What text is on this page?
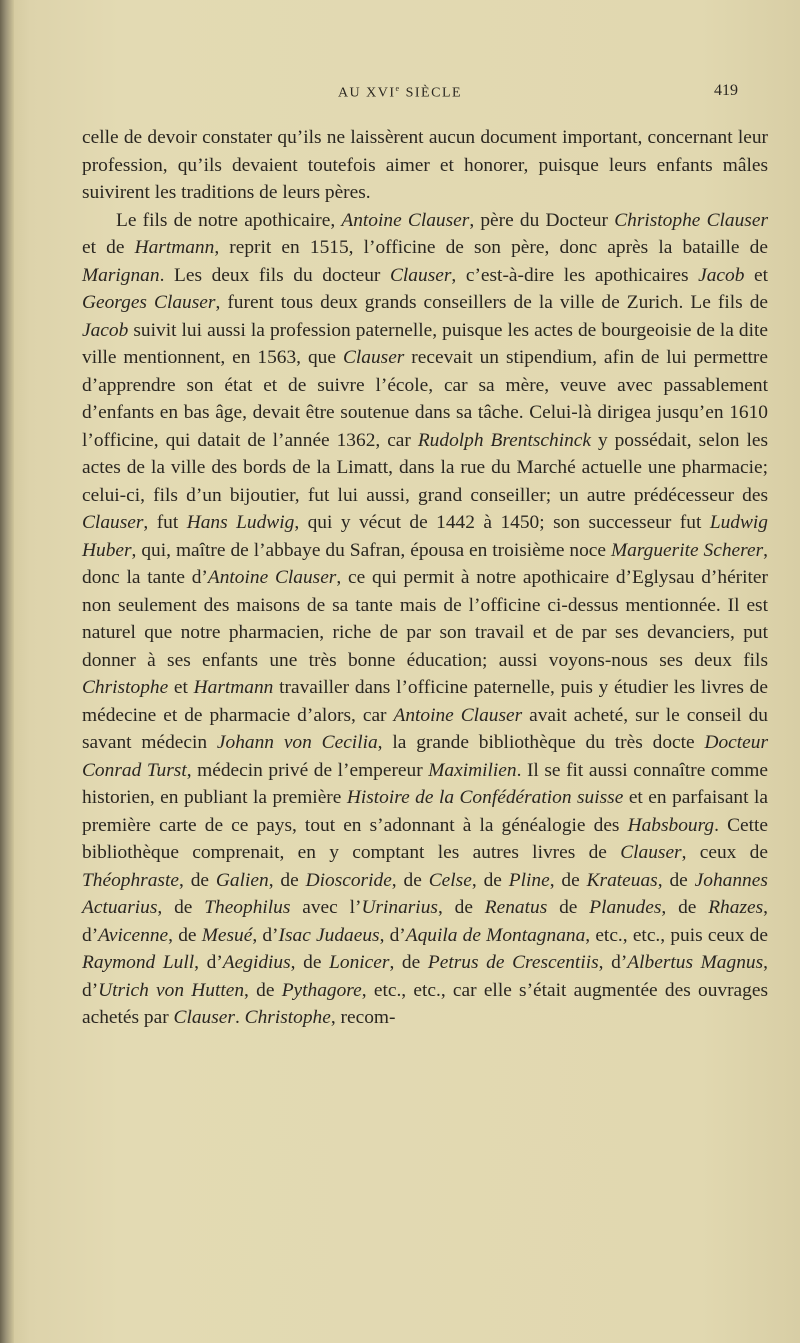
AU XVIe SIÈCLE	419

celle de devoir constater qu’ils ne laissèrent aucun document important, concernant leur profession, qu’ils devaient toutefois aimer et honorer, puisque leurs enfants mâles suivirent les traditions de leurs pères.

Le fils de notre apothicaire, Antoine Clauser, père du Docteur Christophe Clauser et de Hartmann, reprit en 1515, l’officine de son père, donc après la bataille de Marignan. Les deux fils du docteur Clauser, c’est-à-dire les apothicaires Jacob et Georges Clauser, furent tous deux grands conseillers de la ville de Zurich. Le fils de Jacob suivit lui aussi la profession paternelle, puisque les actes de bourgeoisie de la dite ville mentionnent, en 1563, que Clauser recevait un stipendium, afin de lui permettre d’apprendre son état et de suivre l’école, car sa mère, veuve avec passablement d’enfants en bas âge, devait être soutenue dans sa tâche. Celui-là dirigea jusqu’en 1610 l’officine, qui datait de l’année 1362, car Rudolph Brentschinck y possédait, selon les actes de la ville des bords de la Limatt, dans la rue du Marché actuelle une pharmacie; celui-ci, fils d’un bijoutier, fut lui aussi, grand conseiller; un autre prédécesseur des Clauser, fut Hans Ludwig, qui y vécut de 1442 à 1450; son successeur fut Ludwig Huber, qui, maître de l’abbaye du Safran, épousa en troisième noce Marguerite Scherer, donc la tante d’Antoine Clauser, ce qui permit à notre apothicaire d’Eglysau d’hériter non seulement des maisons de sa tante mais de l’officine ci-dessus mentionnée. Il est naturel que notre pharmacien, riche de par son travail et de par ses devanciers, put donner à ses enfants une très bonne éducation; aussi voyons-nous ses deux fils Christophe et Hartmann travailler dans l’officine paternelle, puis y étudier les livres de médecine et de pharmacie d’alors, car Antoine Clauser avait acheté, sur le conseil du savant médecin Johann von Cecilia, la grande bibliothèque du très docte Docteur Conrad Turst, médecin privé de l’empereur Maximilien. Il se fit aussi connaître comme historien, en publiant la première Histoire de la Confédération suisse et en parfaisant la première carte de ce pays, tout en s’adonnant à la généalogie des Habsbourg. Cette bibliothèque comprenait, en y comptant les autres livres de Clauser, ceux de Théophraste, de Galien, de Dioscoride, de Celse, de Pline, de Krateuas, de Johannes Actuarius, de Theophilus avec l’Urinarius, de Renatus de Planudes, de Rhazes, d’Avicenne, de Mesué, d’Isac Judaeus, d’Aquila de Montagnana, etc., etc., puis ceux de Raymond Lull, d’Aegidius, de Lonicer, de Petrus de Crescentiis, d’Albertus Magnus, d’Utrich von Hutten, de Pythagore, etc., etc., car elle s’était augmentée des ouvrages achetés par Clauser. Christophe, recom-
